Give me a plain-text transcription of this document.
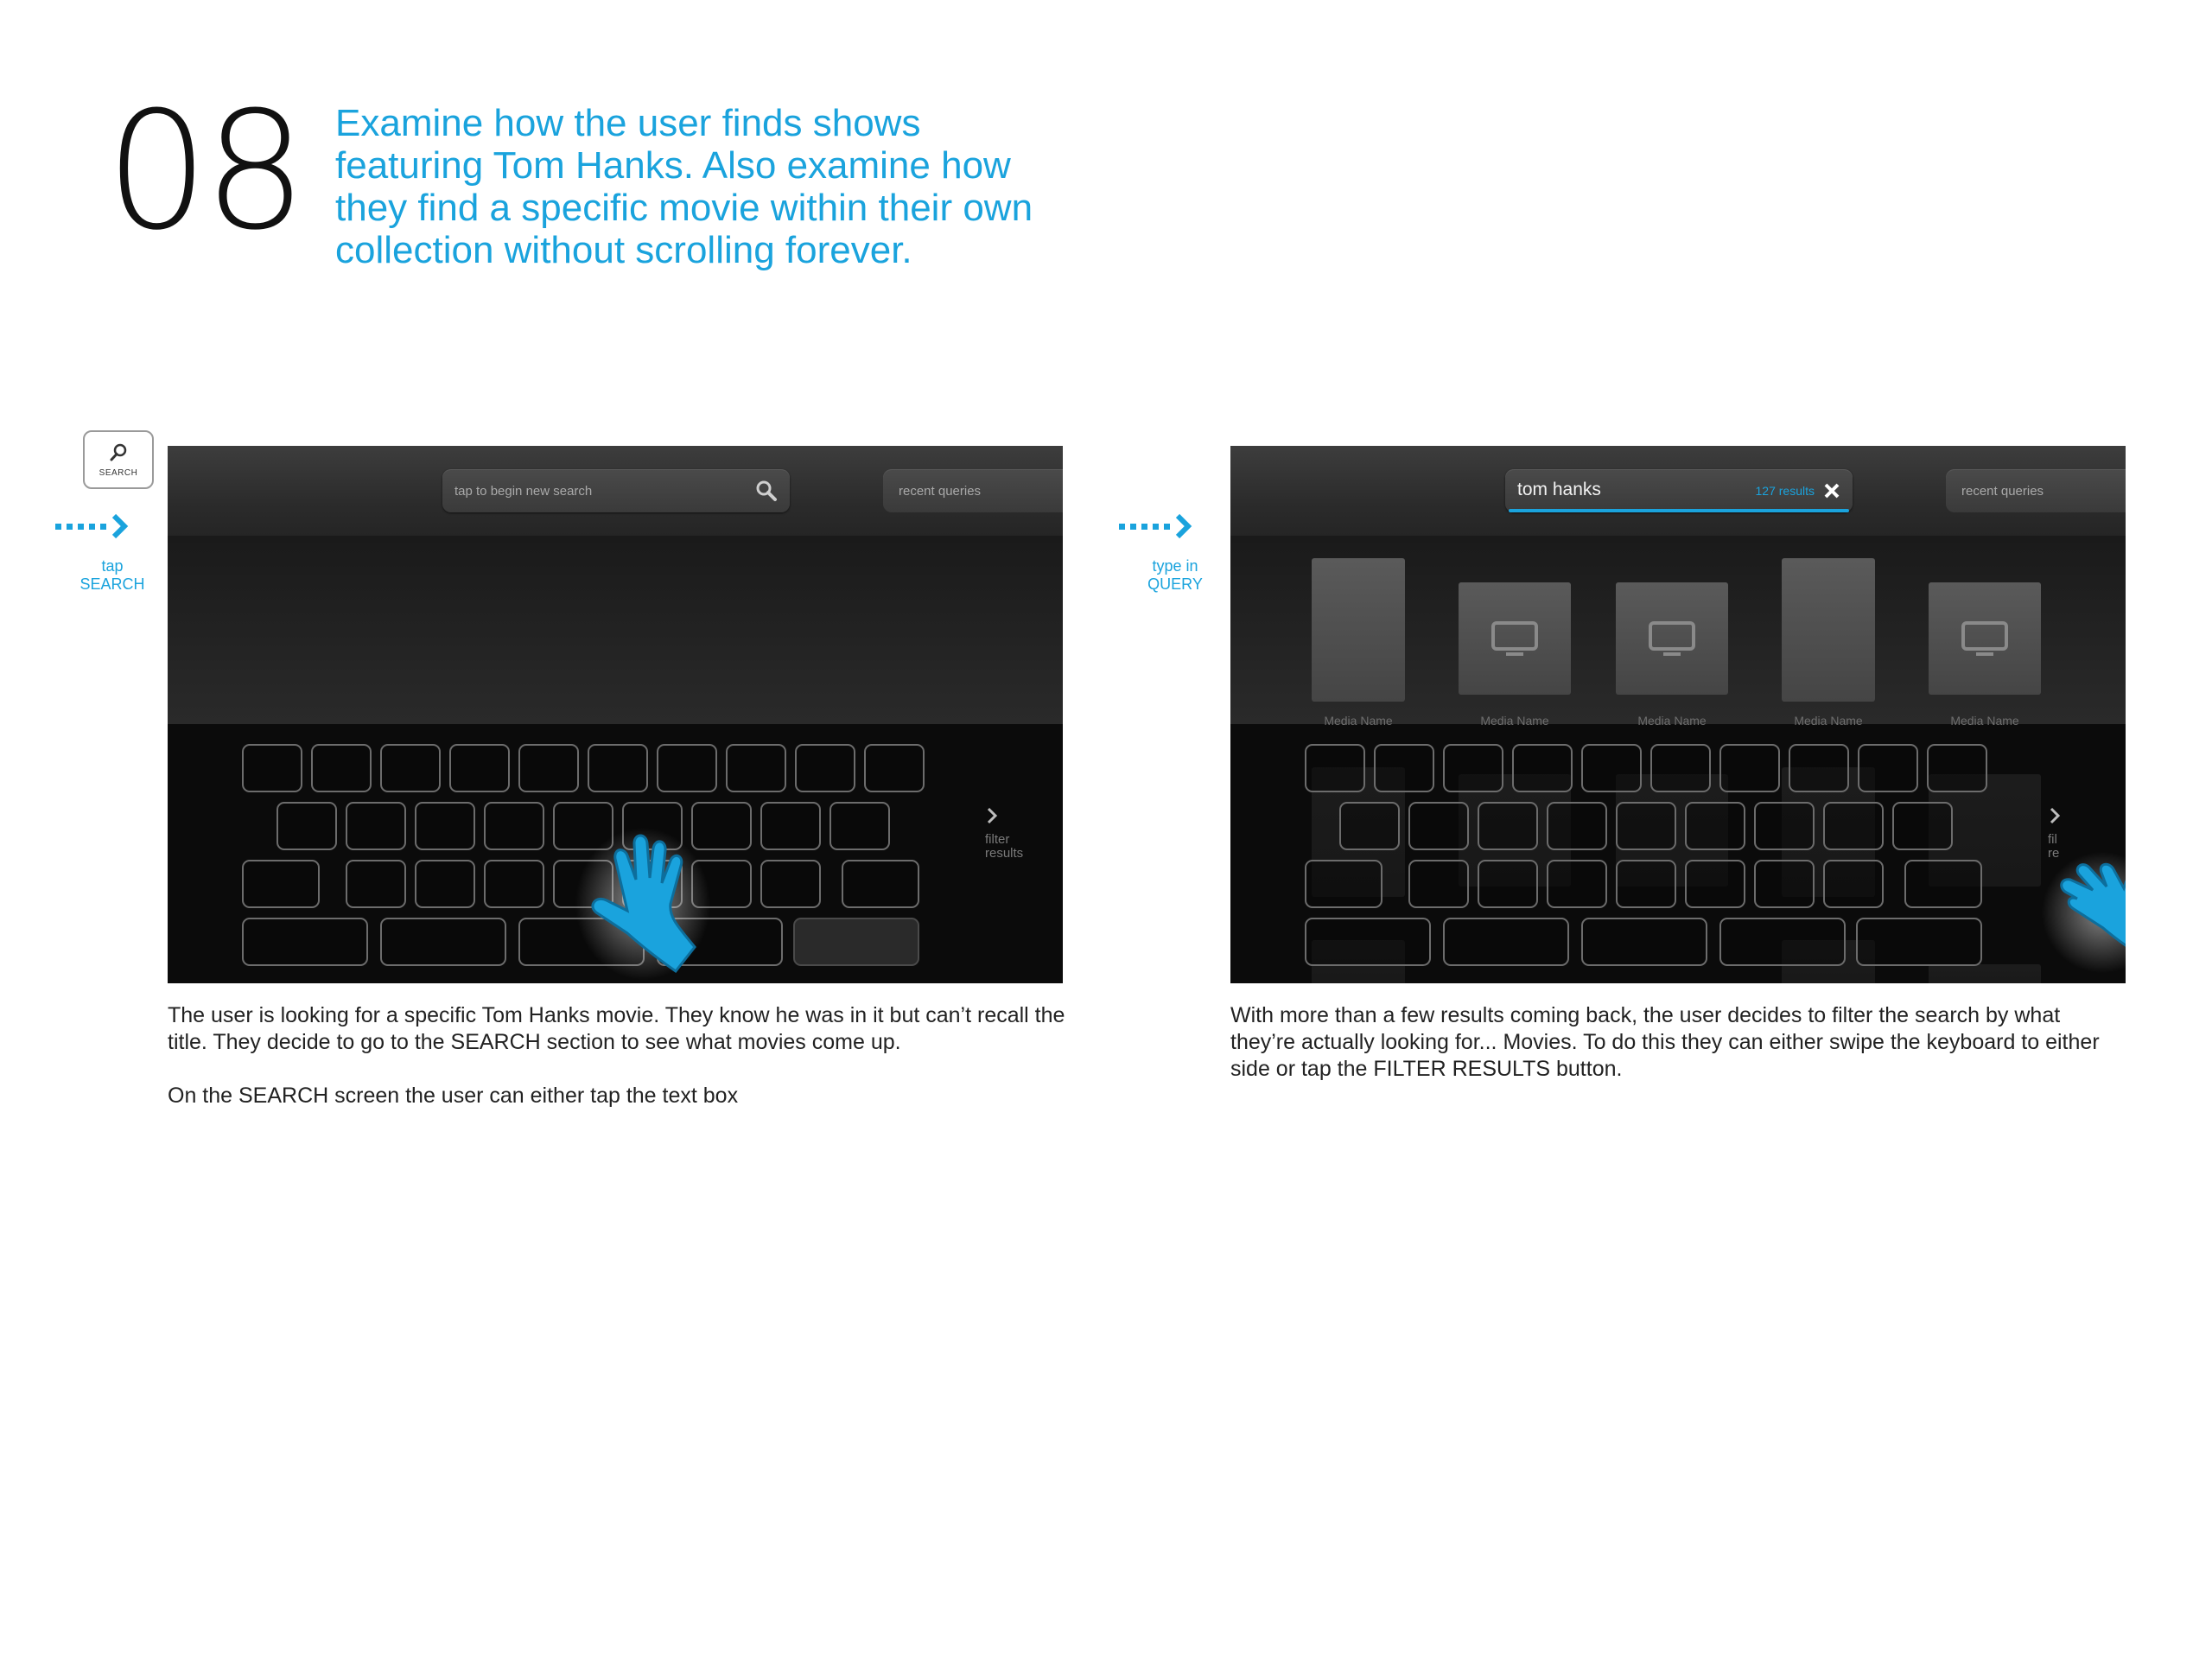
08 Examine how the user finds shows featuring Tom Hanks. Also examine how they find a specific movie within their own collection without scrolling forever.
SEARCH
tap
SEARCH
type in
QUERY
tap to begin new search	recent queries
filter
results
tom hanks	127 results	recent queries
Media Name	Media Name	Media Name	Media Name	Media Name
fil
re

The user is looking for a specific Tom Hanks movie. They know he was in it but can’t recall the title. They decide to go to the SEARCH section to see what movies come up.

On the SEARCH screen the user can either tap the text box

With more than a few results coming back, the user decides to filter the search by what they’re actually looking for... Movies. To do this they can either swipe the keyboard to either side or tap the FILTER RESULTS button.
